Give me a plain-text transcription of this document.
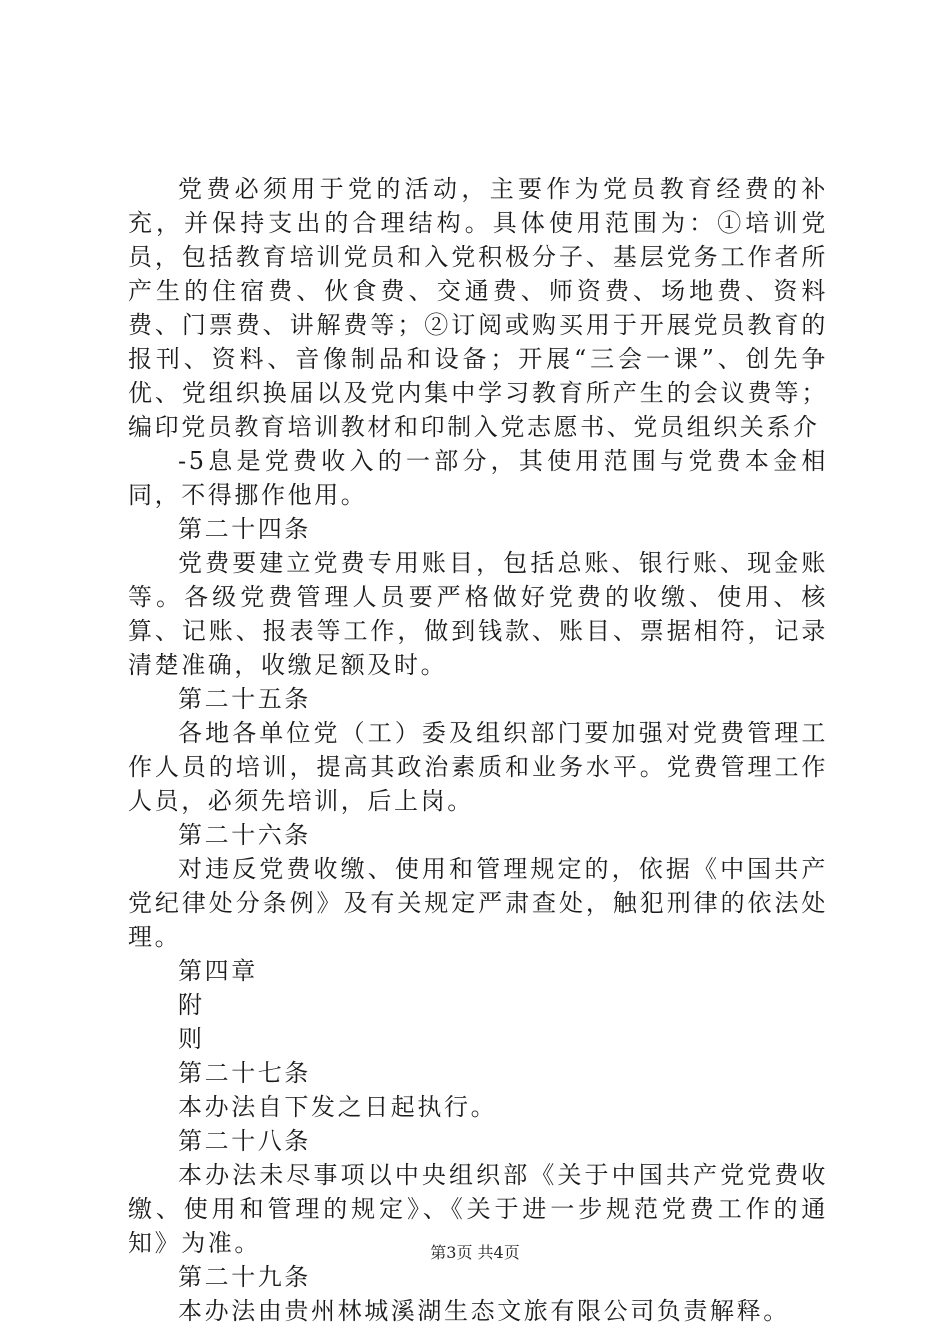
党费必须用于党的活动，主要作为党员教育经费的补充，并保持支出的合理结构。具体使用范围为：①培训党员，包括教育培训党员和入党积极分子、基层党务工作者所产生的住宿费、伙食费、交通费、师资费、场地费、资料费、门票费、讲解费等；②订阅或购买用于开展党员教育的报刊、资料、音像制品和设备；开展“三会一课”、创先争优、党组织换届以及党内集中学习教育所产生的会议费等；编印党员教育培训教材和印制入党志愿书、党员组织关系介

-5息是党费收入的一部分，其使用范围与党费本金相同，不得挪作他用。

第二十四条

党费要建立党费专用账目，包括总账、银行账、现金账等。各级党费管理人员要严格做好党费的收缴、使用、核算、记账、报表等工作，做到钱款、账目、票据相符，记录清楚准确，收缴足额及时。

第二十五条

各地各单位党（工）委及组织部门要加强对党费管理工作人员的培训，提高其政治素质和业务水平。党费管理工作人员，必须先培训，后上岗。

第二十六条

对违反党费收缴、使用和管理规定的，依据《中国共产党纪律处分条例》及有关规定严肃查处，触犯刑律的依法处理。

第四章

附

则

第二十七条

本办法自下发之日起执行。

第二十八条

本办法未尽事项以中央组织部《关于中国共产党党费收缴、使用和管理的规定》、《关于进一步规范党费工作的通知》为准。

第二十九条

本办法由贵州林城溪湖生态文旅有限公司负责解释。

第3页 共4页
